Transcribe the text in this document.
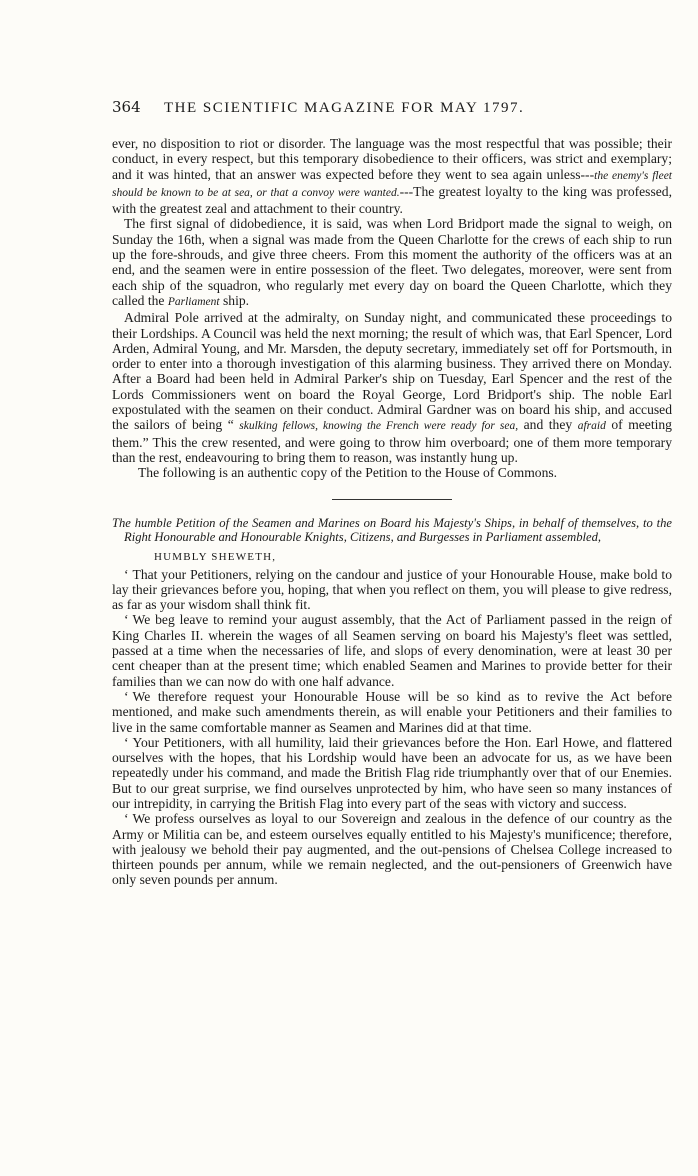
364	THE SCIENTIFIC MAGAZINE FOR MAY 1797.

ever, no disposition to riot or disorder. The language was the most respectful that was possible; their conduct, in every respect, but this temporary disobedience to their officers, was strict and exemplary; and it was hinted, that an answer was expected before they went to sea again unless---the enemy's fleet should be known to be at sea, or that a convoy were wanted.---The greatest loyalty to the king was professed, with the greatest zeal and attachment to their country.

The first signal of didobedience, it is said, was when Lord Bridport made the signal to weigh, on Sunday the 16th, when a signal was made from the Queen Charlotte for the crews of each ship to run up the fore-shrouds, and give three cheers. From this moment the authority of the officers was at an end, and the seamen were in entire possession of the fleet. Two delegates, moreover, were sent from each ship of the squadron, who regularly met every day on board the Queen Charlotte, which they called the Parliament ship.

Admiral Pole arrived at the admiralty, on Sunday night, and communicated these proceedings to their Lordships. A Council was held the next morning; the result of which was, that Earl Spencer, Lord Arden, Admiral Young, and Mr. Marsden, the deputy secretary, immediately set off for Portsmouth, in order to enter into a thorough investigation of this alarming business. They arrived there on Monday. After a Board had been held in Admiral Parker's ship on Tuesday, Earl Spencer and the rest of the Lords Commissioners went on board the Royal George, Lord Bridport's ship. The noble Earl expostulated with the seamen on their conduct. Admiral Gardner was on board his ship, and accused the sailors of being “ skulking fellows, knowing the French were ready for sea, and they afraid of meeting them.” This the crew resented, and were going to throw him overboard; one of them more temporary than the rest, endeavouring to bring them to reason, was instantly hung up.

The following is an authentic copy of the Petition to the House of Commons.

The humble Petition of the Seamen and Marines on Board his Majesty's Ships, in behalf of themselves, to the Right Honourable and Honourable Knights, Citizens, and Burgesses in Parliament assembled,
HUMBLY SHEWETH,

‘ That your Petitioners, relying on the candour and justice of your Honourable House, make bold to lay their grievances before you, hoping, that when you reflect on them, you will please to give redress, as far as your wisdom shall think fit.

‘ We beg leave to remind your august assembly, that the Act of Parliament passed in the reign of King Charles II. wherein the wages of all Seamen serving on board his Majesty's fleet was settled, passed at a time when the necessaries of life, and slops of every denomination, were at least 30 per cent cheaper than at the present time; which enabled Seamen and Marines to provide better for their families than we can now do with one half advance.

‘ We therefore request your Honourable House will be so kind as to revive the Act before mentioned, and make such amendments therein, as will enable your Petitioners and their families to live in the same comfortable manner as Seamen and Marines did at that time.

‘ Your Petitioners, with all humility, laid their grievances before the Hon. Earl Howe, and flattered ourselves with the hopes, that his Lordship would have been an advocate for us, as we have been repeatedly under his command, and made the British Flag ride triumphantly over that of our Enemies. But to our great surprise, we find ourselves unprotected by him, who have seen so many instances of our intrepidity, in carrying the British Flag into every part of the seas with victory and success.

‘ We profess ourselves as loyal to our Sovereign and zealous in the defence of our country as the Army or Militia can be, and esteem ourselves equally entitled to his Majesty's munificence; therefore, with jealousy we behold their pay augmented, and the out-pensions of Chelsea College increased to thirteen pounds per annum, while we remain neglected, and the out-pensioners of Greenwich have only seven pounds per annum.
